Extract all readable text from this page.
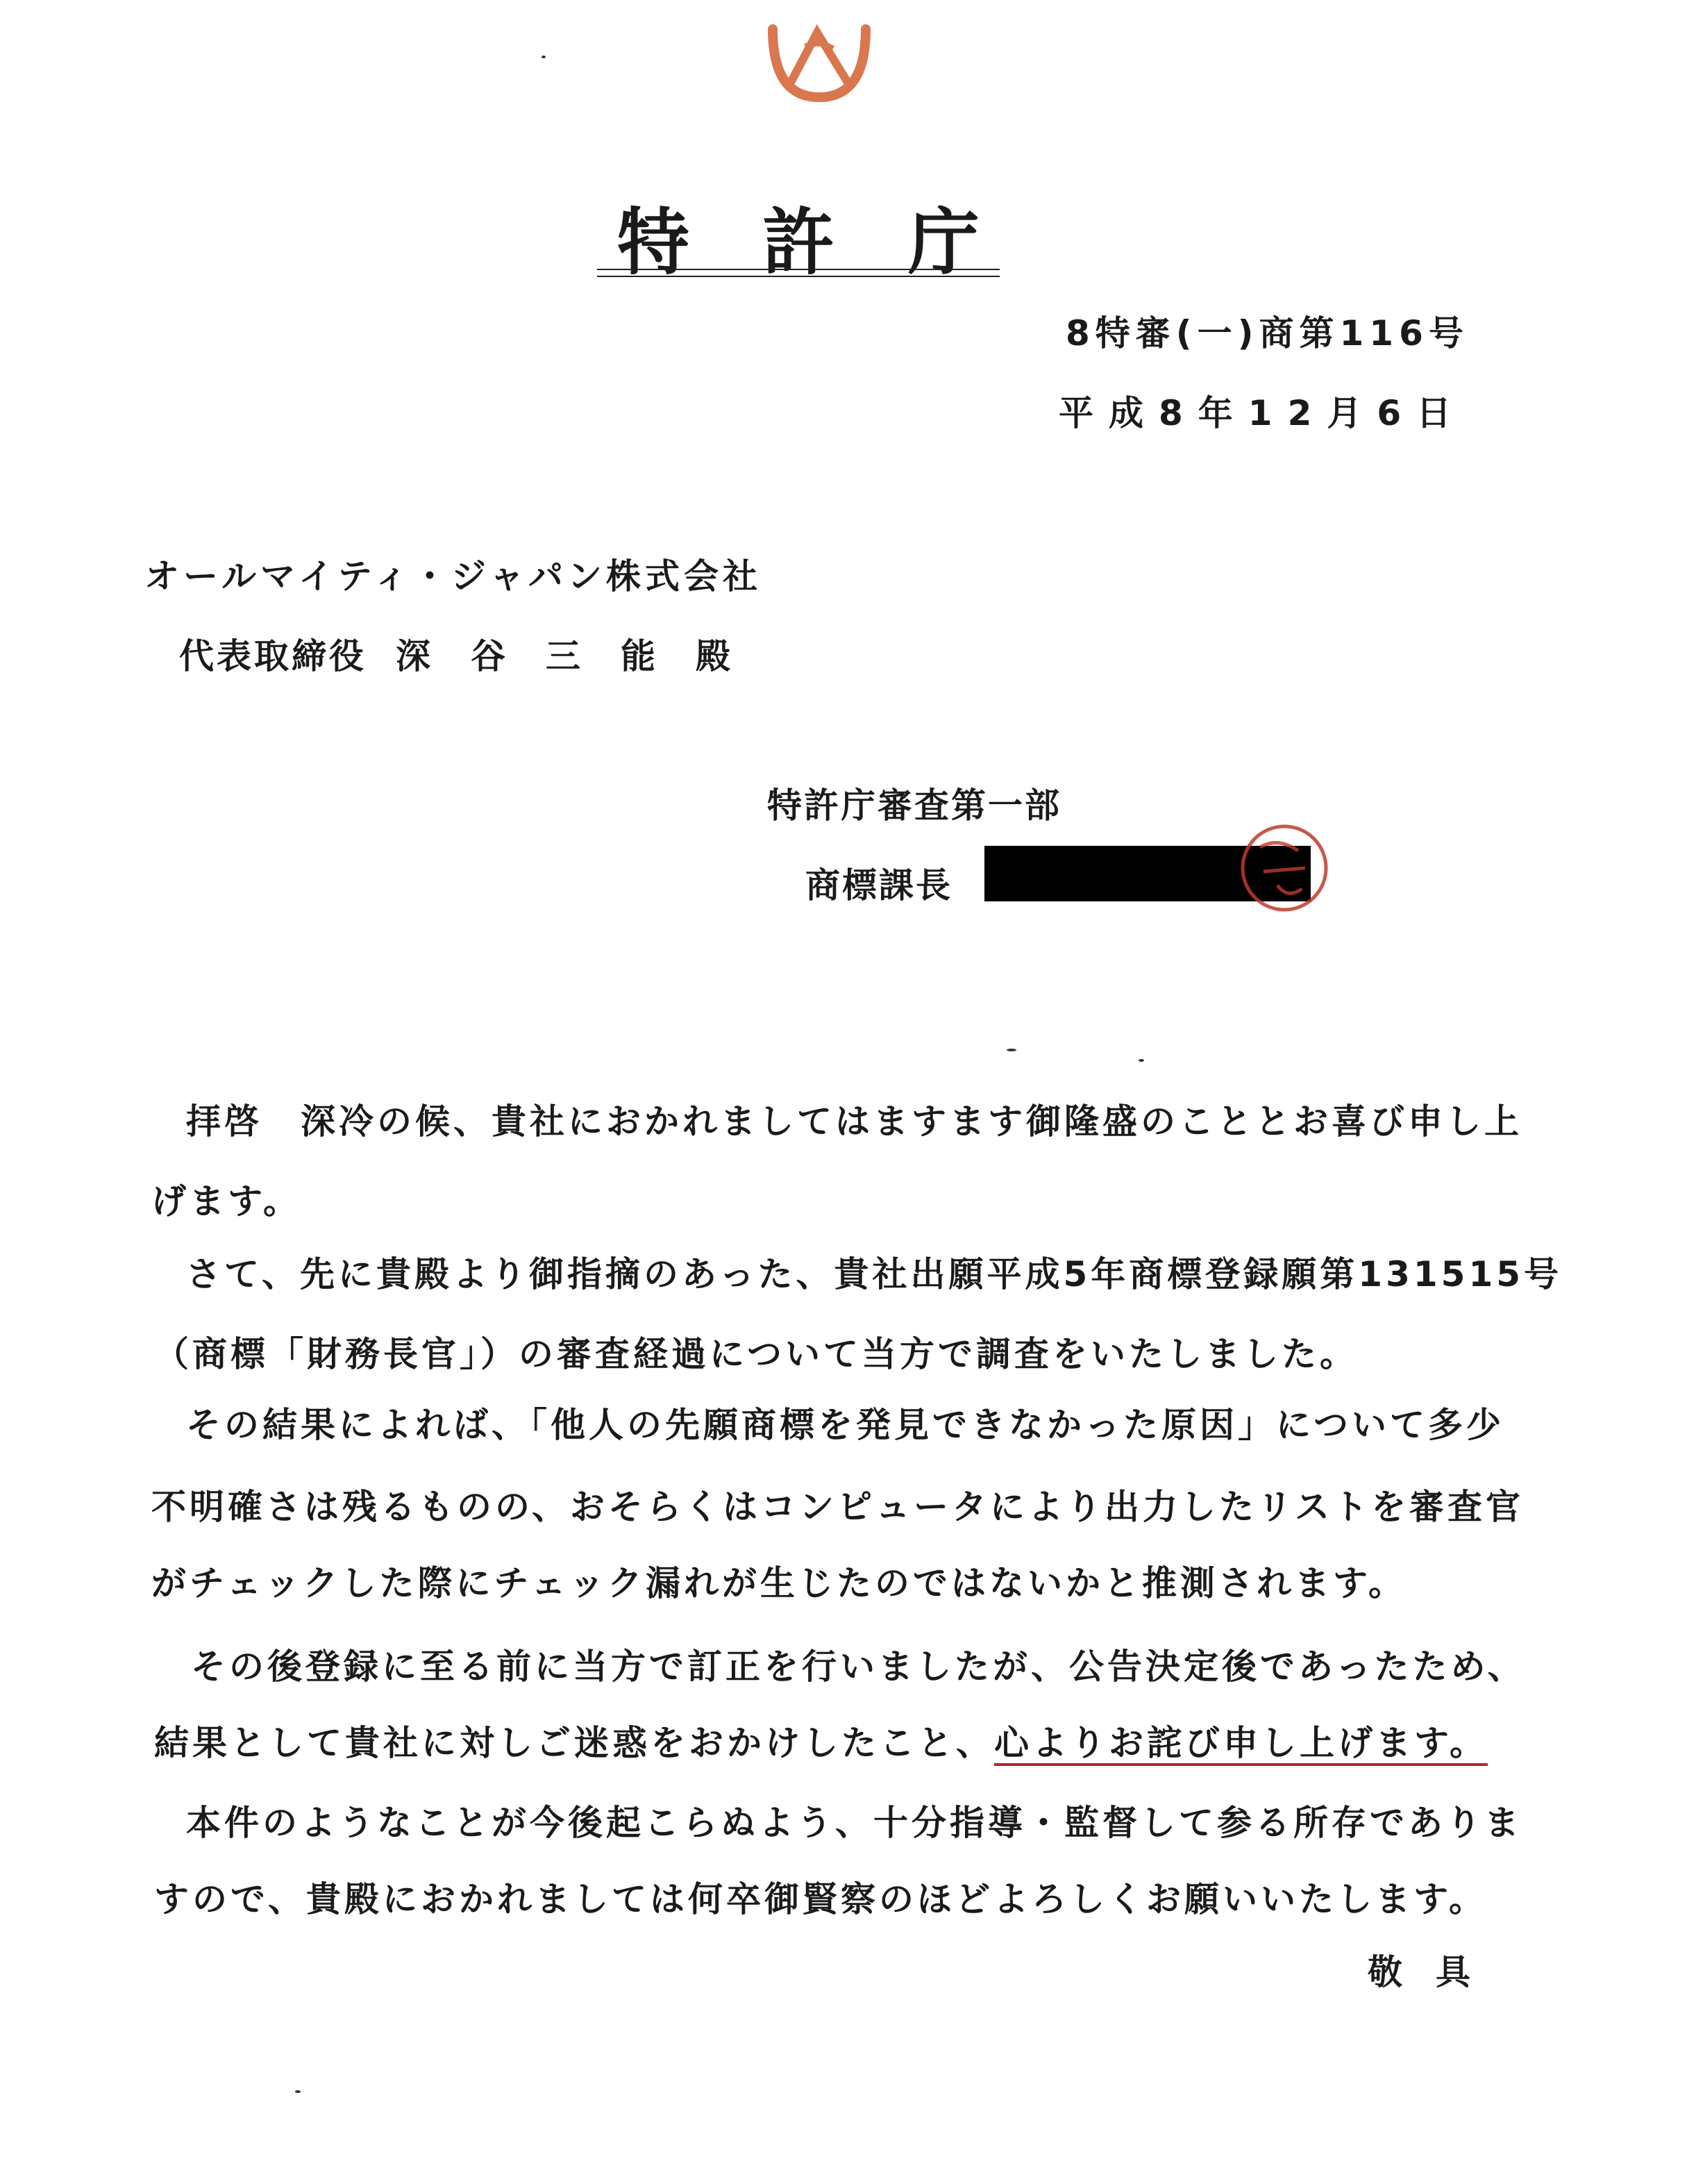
特 許 庁
8特審(一)商第116号
平成8年12月6日
オールマイティ・ジャパン株式会社
代表取締役 深谷三能殿
特許庁審査第一部
商標課長
拝啓　深冷の候、貴社におかれましてはますます御隆盛のこととお喜び申し上
げます。
さて、先に貴殿より御指摘のあった、貴社出願平成5年商標登録願第131515号
（商標「財務長官」）の審査経過について当方で調査をいたしました。
その結果によれば、「他人の先願商標を発見できなかった原因」について多少
不明確さは残るものの、おそらくはコンピュータにより出力したリストを審査官
がチェックした際にチェック漏れが生じたのではないかと推測されます。
その後登録に至る前に当方で訂正を行いましたが、公告決定後であったため、
結果として貴社に対しご迷惑をおかけしたこと、心よりお詫び申し上げます。
本件のようなことが今後起こらぬよう、十分指導・監督して参る所存でありま
すので、貴殿におかれましては何卒御賢察のほどよろしくお願いいたします。
敬具
